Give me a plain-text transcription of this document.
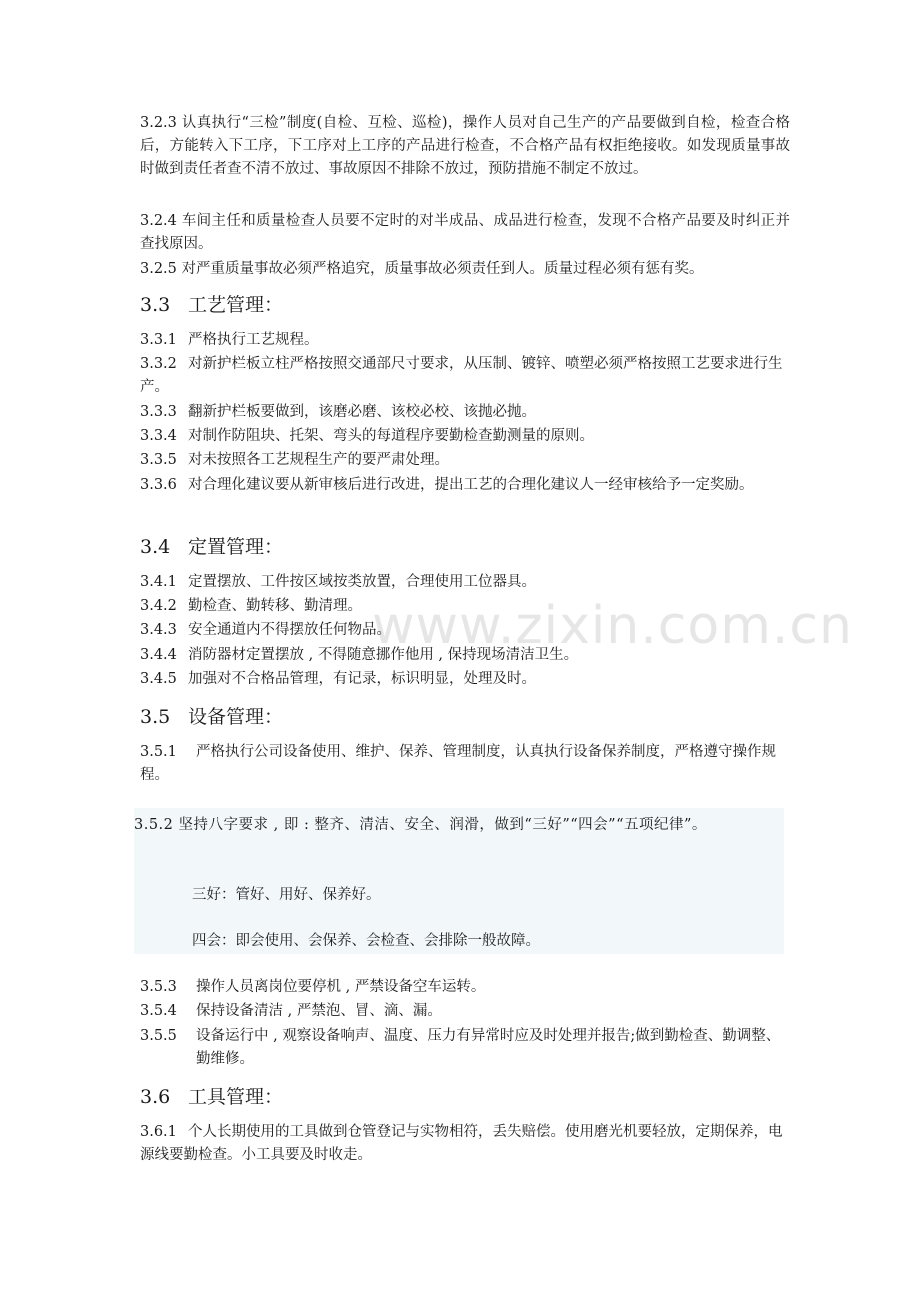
www.zixin.com.cn
3.2.3 认真执行“三检”制度(自检、互检、巡检)，操作人员对自己生产的产品要做到自检，检查合格后，方能转入下工序，下工序对上工序的产品进行检查，不合格产品有权拒绝接收。如发现质量事故时做到责任者查不清不放过、事故原因不排除不放过，预防措施不制定不放过。
3.2.4 车间主任和质量检查人员要不定时的对半成品、成品进行检查，发现不合格产品要及时纠正并查找原因。
3.2.5 对严重质量事故必须严格追究，质量事故必须责任到人。质量过程必须有惩有奖。
3.3 工艺管理：
3.3.1 严格执行工艺规程。
3.3.2 对新护栏板立柱严格按照交通部尺寸要求，从压制、镀锌、喷塑必须严格按照工艺要求进行生产。
3.3.3 翻新护栏板要做到，该磨必磨、该校必校、该抛必抛。
3.3.4 对制作防阻块、托架、弯头的每道程序要勤检查勤测量的原则。
3.3.5 对未按照各工艺规程生产的要严肃处理。
3.3.6 对合理化建议要从新审核后进行改进，提出工艺的合理化建议人一经审核给予一定奖励。
3.4 定置管理：
3.4.1 定置摆放、工件按区域按类放置，合理使用工位器具。
3.4.2 勤检查、勤转移、勤清理。
3.4.3 安全通道内不得摆放任何物品。
3.4.4 消防器材定置摆放 , 不得随意挪作他用 , 保持现场清洁卫生。
3.4.5 加强对不合格品管理，有记录，标识明显，处理及时。
3.5 设备管理：
3.5.1 严格执行公司设备使用、维护、保养、管理制度，认真执行设备保养制度，严格遵守操作规程。
3.5.2 坚持八字要求 , 即 : 整齐、清洁、安全、润滑，做到“三好”“四会”“五项纪律”。
三好：管好、用好、保养好。
四会：即会使用、会保养、会检查、会排除一般故障。
3.5.3 操作人员离岗位要停机 , 严禁设备空车运转。
3.5.4 保持设备清洁 , 严禁泡、冒、滴、漏。
3.5.5 设备运行中 , 观察设备响声、温度、压力有异常时应及时处理并报告;做到勤检查、勤调整、勤维修。
3.6 工具管理：
3.6.1 个人长期使用的工具做到仓管登记与实物相符，丢失赔偿。使用磨光机要轻放，定期保养，电源线要勤检查。小工具要及时收走。
